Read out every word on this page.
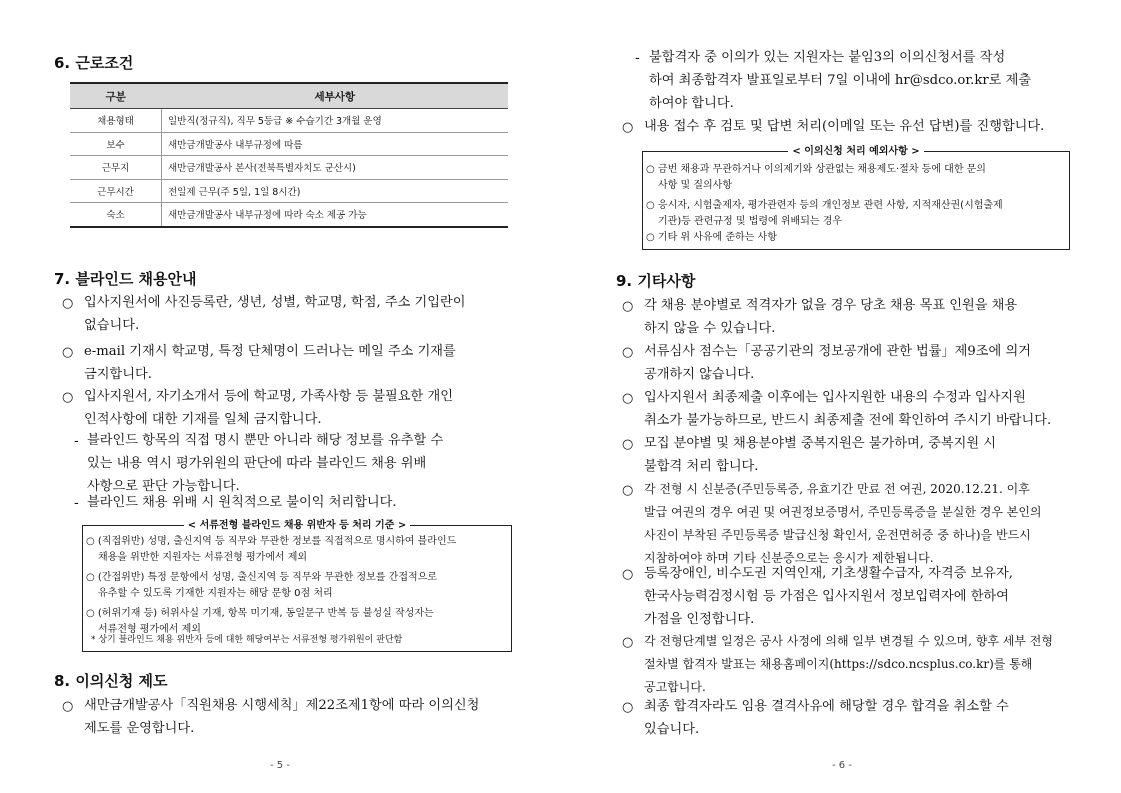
6. 근로조건
구분	세부사항
채용형태	일반직(정규직), 직무 5등급 ※ 수습기간 3개월 운영
보수	새만금개발공사 내부규정에 따름
근무지	새만금개발공사 본사(전북특별자치도 군산시)
근무시간	전일제 근무(주 5일, 1일 8시간)
숙소	새만금개발공사 내부규정에 따라 숙소 제공 가능
7. 블라인드 채용안내
○ 입사지원서에 사진등록란, 생년, 성별, 학교명, 학점, 주소 기입란이
없습니다.
○ e-mail 기재시 학교명, 특정 단체명이 드러나는 메일 주소 기재를
금지합니다.
○ 입사지원서, 자기소개서 등에 학교명, 가족사항 등 불필요한 개인
인적사항에 대한 기재를 일체 금지합니다.
- 블라인드 항목의 직접 명시 뿐만 아니라 해당 정보를 유추할 수
있는 내용 역시 평가위원의 판단에 따라 블라인드 채용 위배
사항으로 판단 가능합니다.
- 블라인드 채용 위배 시 원칙적으로 불이익 처리합니다.
< 서류전형 블라인드 채용 위반자 등 처리 기준 >
○ (직접위반) 성명, 출신지역 등 직무와 무관한 정보를 직접적으로 명시하여 블라인드
채용을 위반한 지원자는 서류전형 평가에서 제외
○ (간접위반) 특정 문항에서 성명, 출신지역 등 직무와 무관한 정보를 간접적으로
유추할 수 있도록 기재한 지원자는 해당 문항 0점 처리
○ (허위기재 등) 허위사실 기재, 항목 미기재, 동일문구 반복 등 불성실 작성자는
서류전형 평가에서 제외
* 상기 블라인드 채용 위반자 등에 대한 해당여부는 서류전형 평가위원이 판단함
8. 이의신청 제도
○ 새만금개발공사「직원채용 시행세칙」제22조제1항에 따라 이의신청
제도를 운영합니다.
- 5 -
- 불합격자 중 이의가 있는 지원자는 붙임3의 이의신청서를 작성
하여 최종합격자 발표일로부터 7일 이내에 hr@sdco.or.kr로 제출
하여야 합니다.
○ 내용 접수 후 검토 및 답변 처리(이메일 또는 유선 답변)를 진행합니다.
< 이의신청 처리 예외사항 >
○ 금번 채용과 무관하거나 이의제기와 상관없는 채용제도·절차 등에 대한 문의
사항 및 질의사항
○ 응시자, 시험출제자, 평가관련자 등의 개인정보 관련 사항, 지적재산권(시험출제
기관)등 관련규정 및 법령에 위배되는 경우
○ 기타 위 사유에 준하는 사항
9. 기타사항
○ 각 채용 분야별로 적격자가 없을 경우 당초 채용 목표 인원을 채용
하지 않을 수 있습니다.
○ 서류심사 점수는「공공기관의 정보공개에 관한 법률」제9조에 의거
공개하지 않습니다.
○ 입사지원서 최종제출 이후에는 입사지원한 내용의 수정과 입사지원
취소가 불가능하므로, 반드시 최종제출 전에 확인하여 주시기 바랍니다.
○ 모집 분야별 및 채용분야별 중복지원은 불가하며, 중복지원 시
불합격 처리 합니다.
○ 각 전형 시 신분증(주민등록증, 유효기간 만료 전 여권, 2020.12.21. 이후
발급 여권의 경우 여권 및 여권정보증명서, 주민등록증을 분실한 경우 본인의
사진이 부착된 주민등록증 발급신청 확인서, 운전면허증 중 하나)을 반드시
지참하여야 하며 기타 신분증으로는 응시가 제한됩니다.
○ 등록장애인, 비수도권 지역인재, 기초생활수급자, 자격증 보유자,
한국사능력검정시험 등 가점은 입사지원서 정보입력자에 한하여
가점을 인정합니다.
○ 각 전형단계별 일정은 공사 사정에 의해 일부 변경될 수 있으며, 향후 세부 전형
절차별 합격자 발표는 채용홈페이지(https://sdco.ncsplus.co.kr)를 통해
공고합니다.
○ 최종 합격자라도 임용 결격사유에 해당할 경우 합격을 취소할 수
있습니다.
- 6 -
